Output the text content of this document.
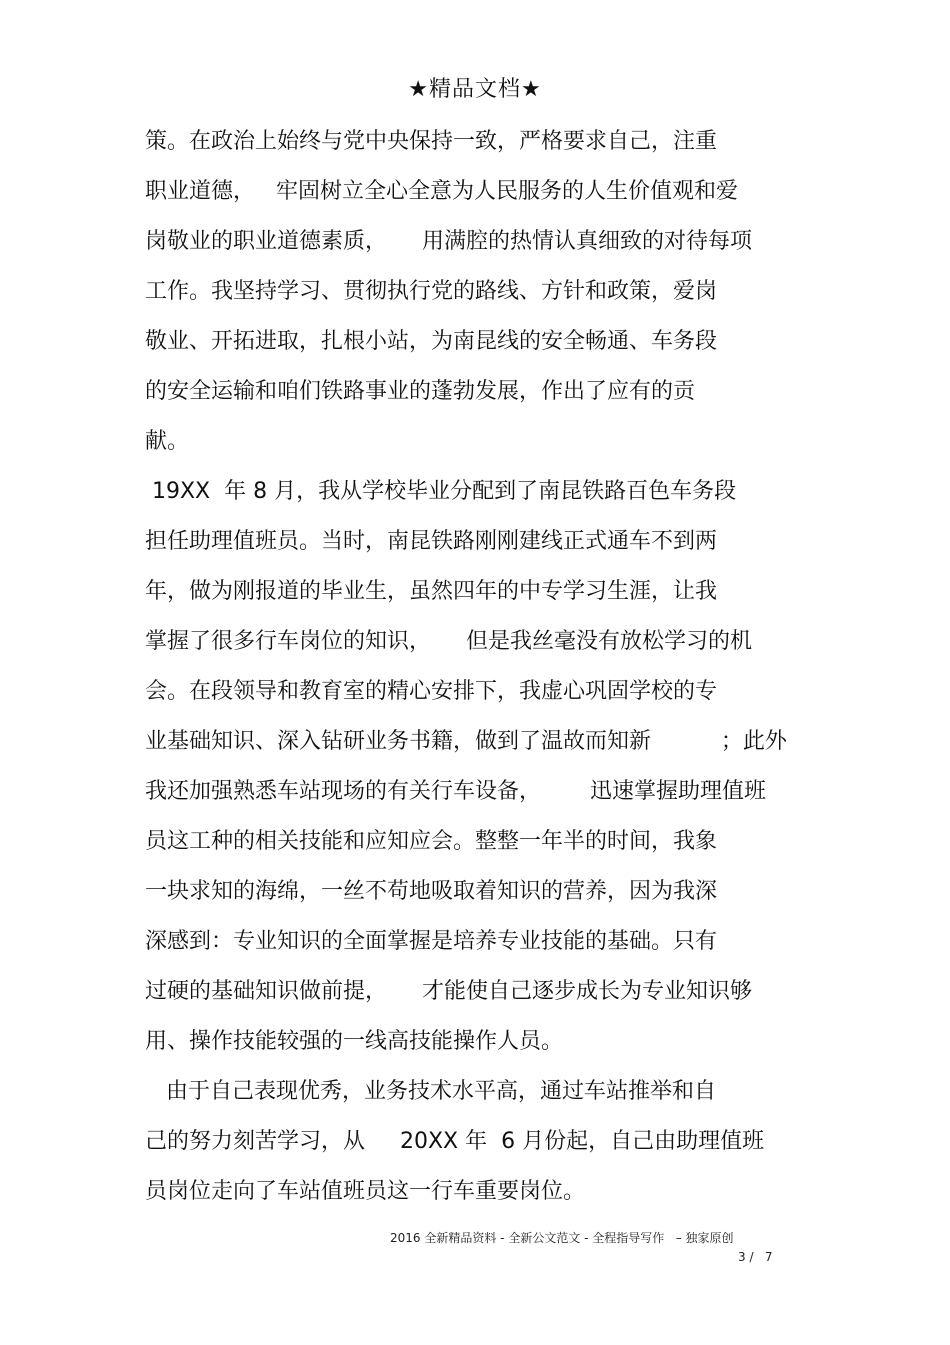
★精品文档★
策。在政治上始终与党中央保持一致，严格要求自己，注重
职业道德，   牢固树立全心全意为人民服务的人生价值观和爱
岗敬业的职业道德素质，     用满腔的热情认真细致的对待每项
工作。我坚持学习、贯彻执行党的路线、方针和政策，爱岗
敬业、开拓进取，扎根小站，为南昆线的安全畅通、车务段
的安全运输和咱们铁路事业的蓬勃发展，作出了应有的贡
献。
19XX  年 8 月，我从学校毕业分配到了南昆铁路百色车务段
担任助理值班员。当时，南昆铁路刚刚建线正式通车不到两
年，做为刚报道的毕业生，虽然四年的中专学习生涯，让我
掌握了很多行车岗位的知识，     但是我丝毫没有放松学习的机
会。在段领导和教育室的精心安排下，我虚心巩固学校的专
业基础知识、深入钻研业务书籍，做到了温故而知新          ；此外
我还加强熟悉车站现场的有关行车设备，       迅速掌握助理值班
员这工种的相关技能和应知应会。整整一年半的时间，我象
一块求知的海绵，一丝不苟地吸取着知识的营养，因为我深
深感到：专业知识的全面掌握是培养专业技能的基础。只有
过硬的基础知识做前提，     才能使自己逐步成长为专业知识够
用、操作技能较强的一线高技能操作人员。
由于自己表现优秀，业务技术水平高，通过车站推举和自
己的努力刻苦学习，从     20XX 年  6 月份起，自己由助理值班
员岗位走向了车站值班员这一行车重要岗位。
2016 全新精品资料 - 全新公文范文 - 全程指导写作   – 独家原创
3 /   7
